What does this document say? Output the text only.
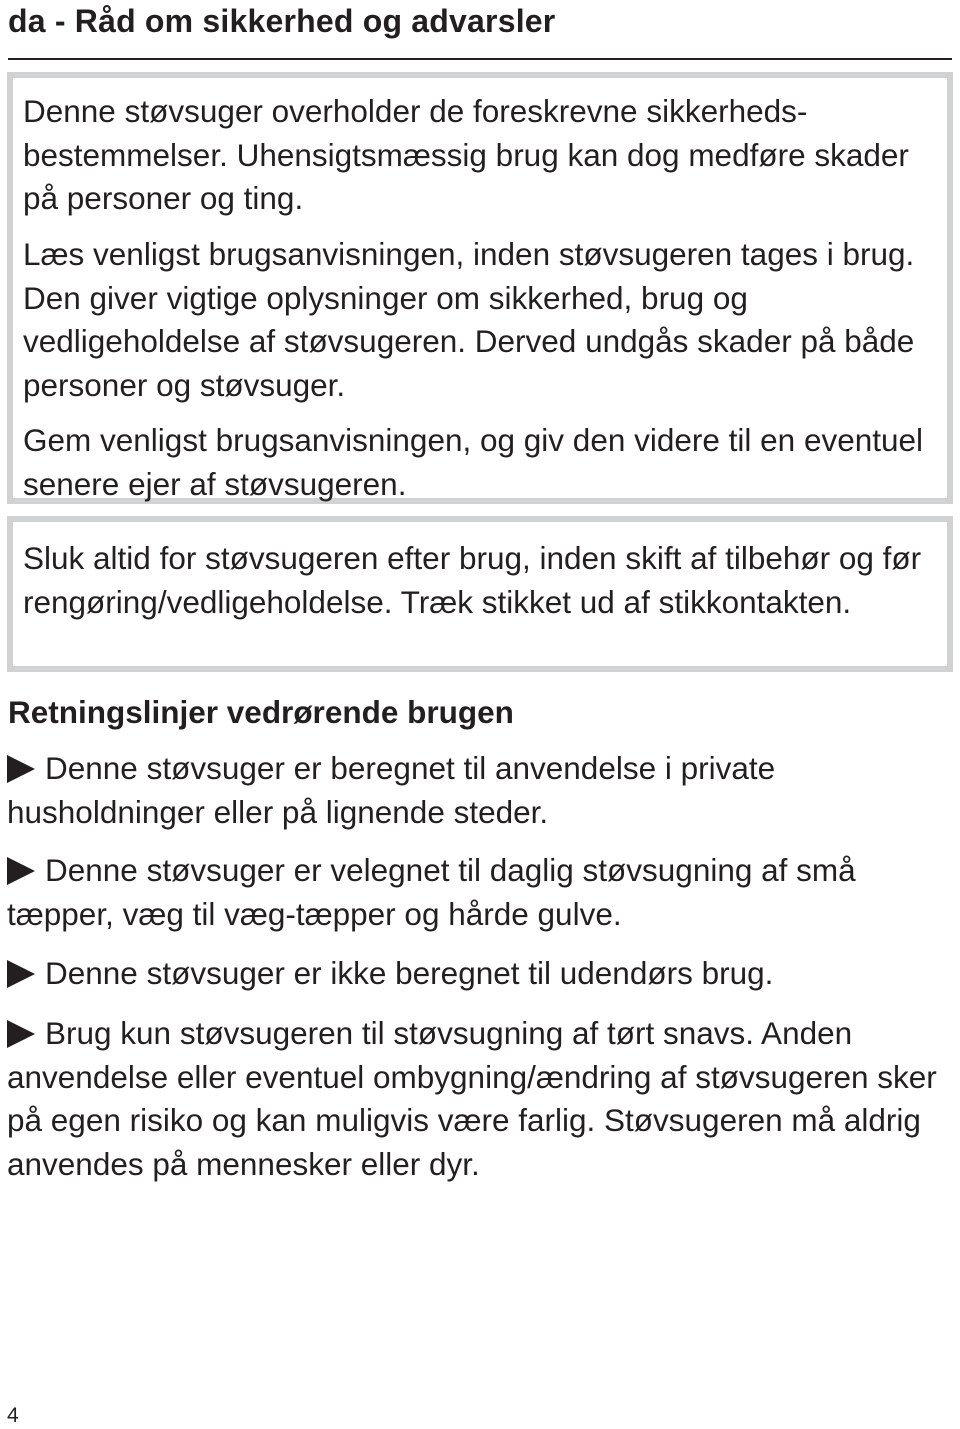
da - Råd om sikkerhed og advarsler

Denne støvsuger overholder de foreskrevne sikkerhedsbestemmelser. Uhensigtsmæssig brug kan dog medføre skader på personer og ting.

Læs venligst brugsanvisningen, inden støvsugeren tages i brug. Den giver vigtige oplysninger om sikkerhed, brug og vedligeholdelse af støvsugeren. Derved undgås skader på både personer og støvsuger.

Gem venligst brugsanvisningen, og giv den videre til en eventuel senere ejer af støvsugeren.

Sluk altid for støvsugeren efter brug, inden skift af tilbehør og før rengøring/vedligeholdelse. Træk stikket ud af stikkontakten.

Retningslinjer vedrørende brugen

Denne støvsuger er beregnet til anvendelse i private husholdninger eller på lignende steder.

Denne støvsuger er velegnet til daglig støvsugning af små tæpper, væg til væg-tæpper og hårde gulve.

Denne støvsuger er ikke beregnet til udendørs brug.

Brug kun støvsugeren til støvsugning af tørt snavs. Anden anvendelse eller eventuel ombygning/ændring af støvsugeren sker på egen risiko og kan muligvis være farlig. Støvsugeren må aldrig anvendes på mennesker eller dyr.

4
